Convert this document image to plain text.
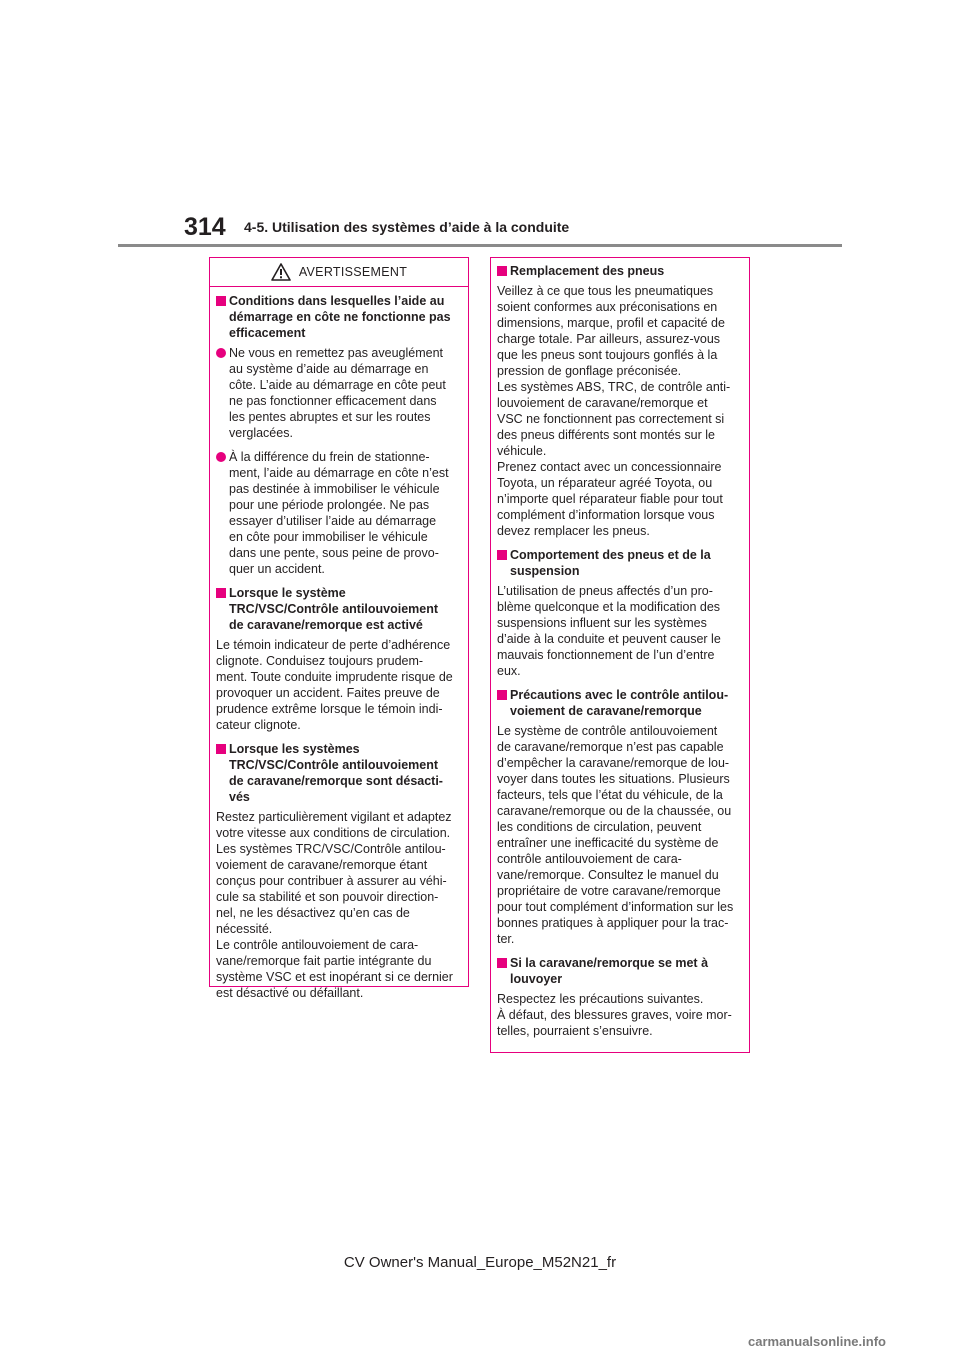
314 4-5. Utilisation des systèmes d’aide à la conduite
AVERTISSEMENT
Conditions dans lesquelles l’aide au
démarrage en côte ne fonctionne pas
efficacement
Ne vous en remettez pas aveuglément
au système d’aide au démarrage en
côte. L’aide au démarrage en côte peut
ne pas fonctionner efficacement dans
les pentes abruptes et sur les routes
verglacées.
À la différence du frein de stationne-
ment, l’aide au démarrage en côte n’est
pas destinée à immobiliser le véhicule
pour une période prolongée. Ne pas
essayer d’utiliser l’aide au démarrage
en côte pour immobiliser le véhicule
dans une pente, sous peine de provo-
quer un accident.
Lorsque le système
TRC/VSC/Contrôle antilouvoiement
de caravane/remorque est activé
Le témoin indicateur de perte d’adhérence
clignote. Conduisez toujours prudem-
ment. Toute conduite imprudente risque de
provoquer un accident. Faites preuve de
prudence extrême lorsque le témoin indi-
cateur clignote.
Lorsque les systèmes
TRC/VSC/Contrôle antilouvoiement
de caravane/remorque sont désacti-
vés
Restez particulièrement vigilant et adaptez
votre vitesse aux conditions de circulation.
Les systèmes TRC/VSC/Contrôle antilou-
voiement de caravane/remorque étant
conçus pour contribuer à assurer au véhi-
cule sa stabilité et son pouvoir direction-
nel, ne les désactivez qu’en cas de
nécessité.
Le contrôle antilouvoiement de cara-
vane/remorque fait partie intégrante du
système VSC et est inopérant si ce dernier
est désactivé ou défaillant.
Remplacement des pneus
Veillez à ce que tous les pneumatiques
soient conformes aux préconisations en
dimensions, marque, profil et capacité de
charge totale. Par ailleurs, assurez-vous
que les pneus sont toujours gonflés à la
pression de gonflage préconisée.
Les systèmes ABS, TRC, de contrôle anti-
louvoiement de caravane/remorque et
VSC ne fonctionnent pas correctement si
des pneus différents sont montés sur le
véhicule.
Prenez contact avec un concessionnaire
Toyota, un réparateur agréé Toyota, ou
n’importe quel réparateur fiable pour tout
complément d’information lorsque vous
devez remplacer les pneus.
Comportement des pneus et de la
suspension
L’utilisation de pneus affectés d’un pro-
blème quelconque et la modification des
suspensions influent sur les systèmes
d’aide à la conduite et peuvent causer le
mauvais fonctionnement de l’un d’entre
eux.
Précautions avec le contrôle antilou-
voiement de caravane/remorque
Le système de contrôle antilouvoiement
de caravane/remorque n’est pas capable
d’empêcher la caravane/remorque de lou-
voyer dans toutes les situations. Plusieurs
facteurs, tels que l’état du véhicule, de la
caravane/remorque ou de la chaussée, ou
les conditions de circulation, peuvent
entraîner une inefficacité du système de
contrôle antilouvoiement de cara-
vane/remorque. Consultez le manuel du
propriétaire de votre caravane/remorque
pour tout complément d’information sur les
bonnes pratiques à appliquer pour la trac-
ter.
Si la caravane/remorque se met à
louvoyer
Respectez les précautions suivantes.
À défaut, des blessures graves, voire mor-
telles, pourraient s’ensuivre.
CV Owner's Manual_Europe_M52N21_fr
carmanualsonline.info
